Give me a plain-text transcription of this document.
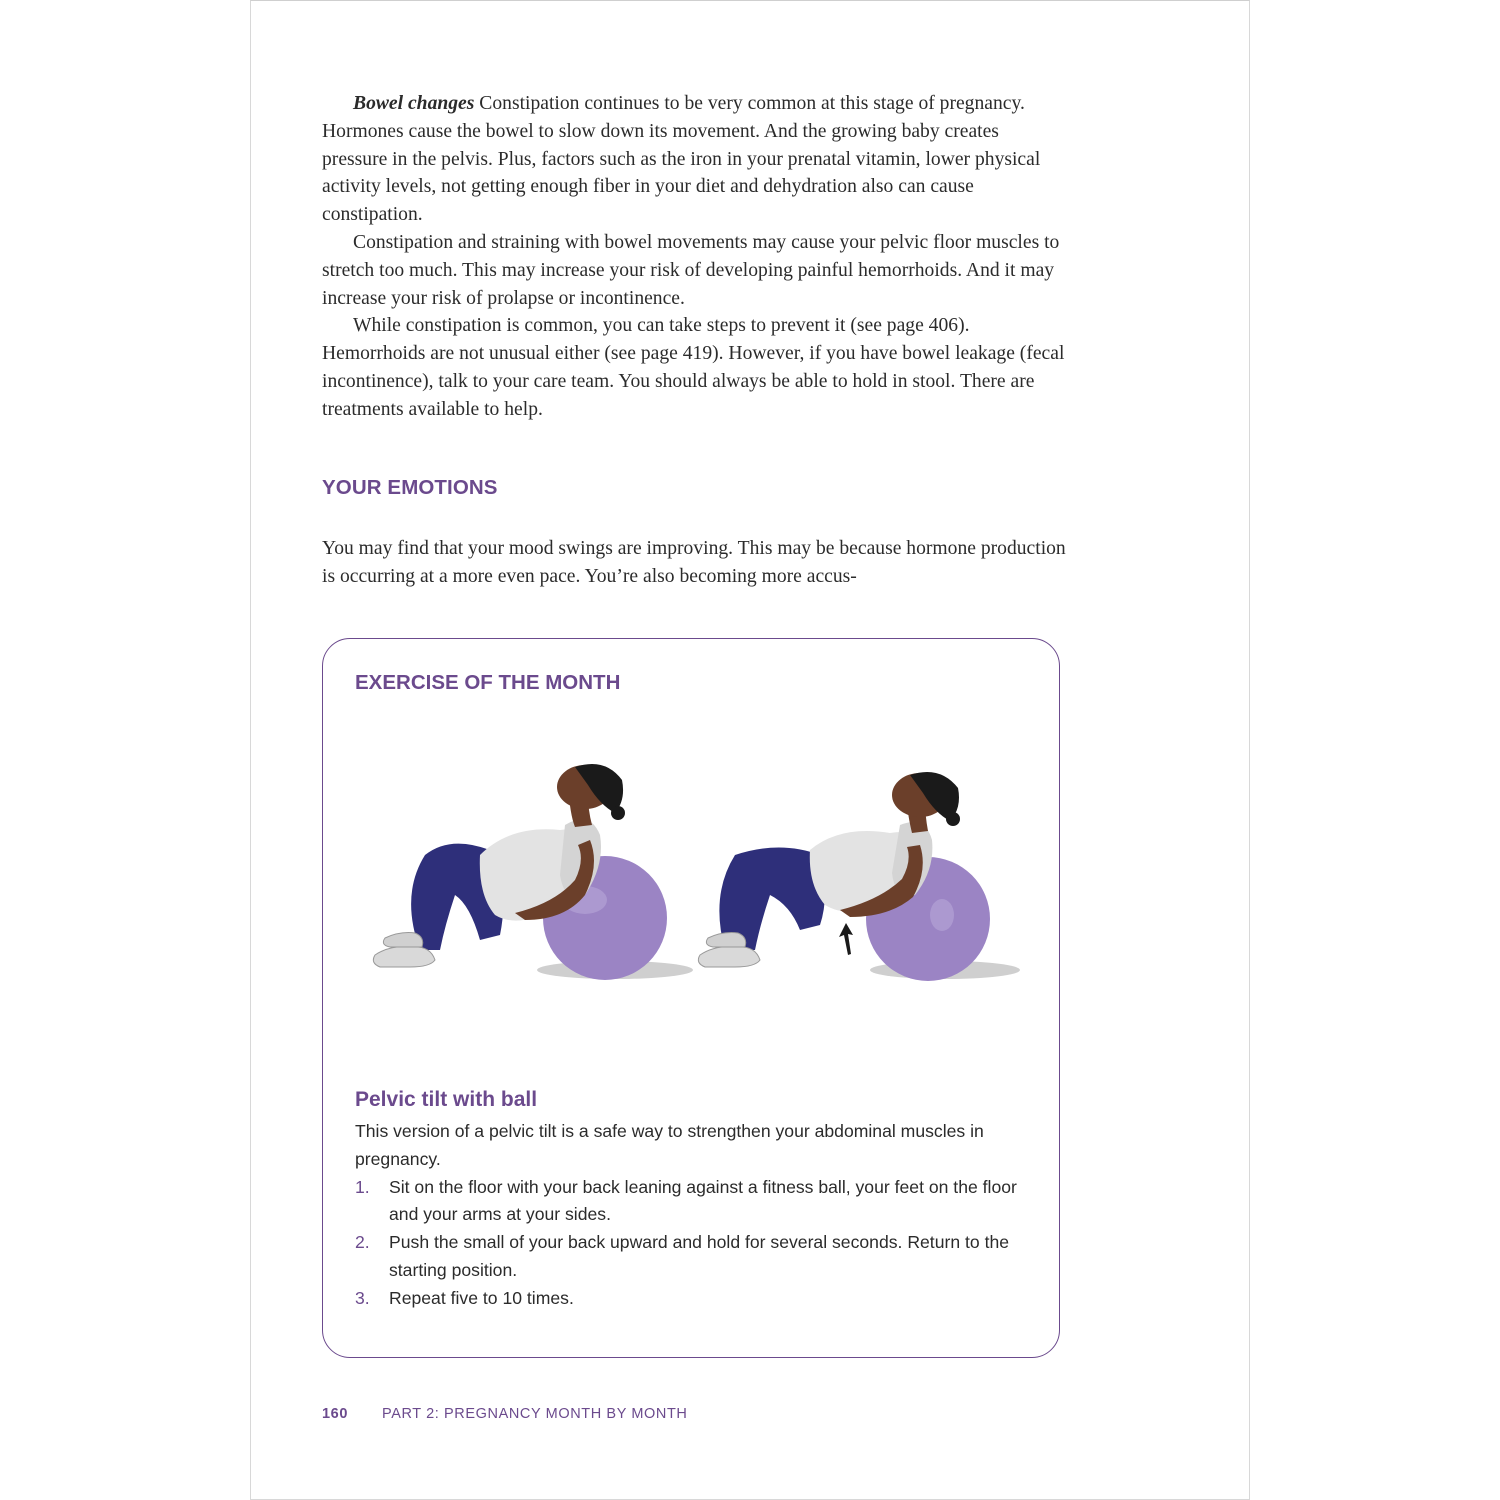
Bowel changes Constipation continues to be very common at this stage of pregnancy. Hormones cause the bowel to slow down its movement. And the growing baby creates pressure in the pelvis. Plus, factors such as the iron in your prenatal vitamin, lower physical activity levels, not getting enough fiber in your diet and dehydration also can cause constipation.

Constipation and straining with bowel movements may cause your pelvic floor muscles to stretch too much. This may increase your risk of developing painful hemorrhoids. And it may increase your risk of prolapse or incontinence.

While constipation is common, you can take steps to prevent it (see page 406). Hemorrhoids are not unusual either (see page 419). However, if you have bowel leakage (fecal incontinence), talk to your care team. You should always be able to hold in stool. There are treatments available to help.

YOUR EMOTIONS

You may find that your mood swings are improving. This may be because hormone production is occurring at a more even pace. You’re also becoming more accus-

EXERCISE OF THE MONTH
Pelvic tilt with ball

This version of a pelvic tilt is a safe way to strengthen your abdominal muscles in pregnancy.

1. Sit on the floor with your back leaning against a fitness ball, your feet on the floor and your arms at your sides.
2. Push the small of your back upward and hold for several seconds. Return to the starting position.
3. Repeat five to 10 times.
160 PART 2: PREGNANCY MONTH BY MONTH
